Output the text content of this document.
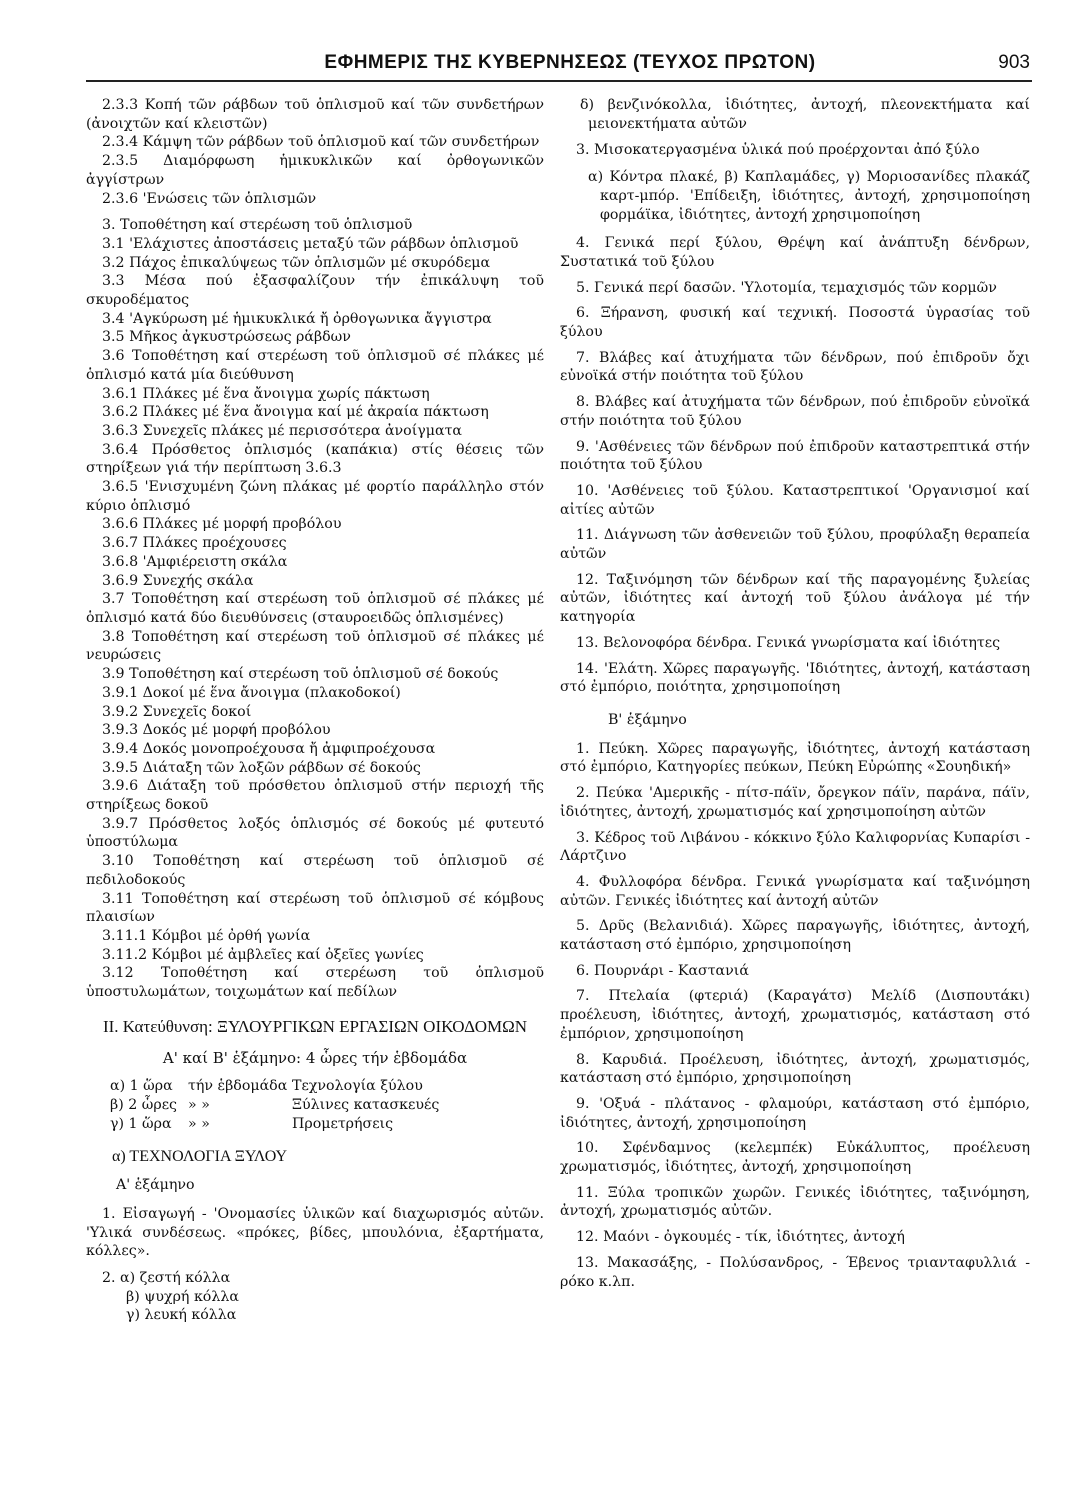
ΕΦΗΜΕΡΙΣ ΤΗΣ ΚΥΒΕΡΝΗΣΕΩΣ (ΤΕΥΧΟΣ ΠΡΩΤΟΝ)	903

2.3.3 Κοπή τῶν ράβδων τοῦ ὁπλισμοῦ καί τῶν συνδετήρων (ἀνοιχτῶν καί κλειστῶν)

2.3.4 Κάμψη τῶν ράβδων τοῦ ὁπλισμοῦ καί τῶν συνδετήρων

2.3.5 Διαμόρφωση ἡμικυκλικῶν καί ὀρθογωνικῶν ἀγγίστρων

2.3.6 'Ενώσεις τῶν ὁπλισμῶν

3. Τοποθέτηση καί στερέωση τοῦ ὁπλισμοῦ

3.1 'Ελάχιστες ἀποστάσεις μεταξύ τῶν ράβδων ὁπλισμοῦ

3.2 Πάχος ἐπικαλύψεως τῶν ὁπλισμῶν μέ σκυρόδεμα

3.3 Μέσα πού ἐξασφαλίζουν τήν ἐπικάλυψη τοῦ σκυροδέματος

3.4 'Αγκύρωση μέ ἡμικυκλικά ἤ ὀρθογωνικα ἄγγιστρα

3.5 Μῆκος ἀγκυστρώσεως ράβδων

3.6 Τοποθέτηση καί στερέωση τοῦ ὁπλισμοῦ σέ πλάκες μέ ὁπλισμό κατά μία διεύθυνση

3.6.1 Πλάκες μέ ἕνα ἄνοιγμα χωρίς πάκτωση

3.6.2 Πλάκες μέ ἕνα ἄνοιγμα καί μέ ἀκραία πάκτωση

3.6.3 Συνεχεῖς πλάκες μέ περισσότερα ἀνοίγματα

3.6.4 Πρόσθετος ὁπλισμός (καπάκια) στίς θέσεις τῶν στηρίξεων γιά τήν περίπτωση 3.6.3

3.6.5 'Ενισχυμένη ζώνη πλάκας μέ φορτίο παράλληλο στόν κύριο ὁπλισμό

3.6.6 Πλάκες μέ μορφή προβόλου

3.6.7 Πλάκες προέχουσες

3.6.8 'Αμφιέρειστη σκάλα

3.6.9 Συνεχής σκάλα

3.7 Τοποθέτηση καί στερέωση τοῦ ὁπλισμοῦ σέ πλάκες μέ ὁπλισμό κατά δύο διευθύνσεις (σταυροειδῶς ὁπλισμένες)

3.8 Τοποθέτηση καί στερέωση τοῦ ὁπλισμοῦ σέ πλάκες μέ νευρώσεις

3.9 Τοποθέτηση καί στερέωση τοῦ ὁπλισμοῦ σέ δοκούς

3.9.1 Δοκοί μέ ἕνα ἄνοιγμα (πλακοδοκοί)

3.9.2 Συνεχεῖς δοκοί

3.9.3 Δοκός μέ μορφή προβόλου

3.9.4 Δοκός μονοπροέχουσα ἤ ἀμφιπροέχουσα

3.9.5 Διάταξη τῶν λοξῶν ράβδων σέ δοκούς

3.9.6 Διάταξη τοῦ πρόσθετου ὁπλισμοῦ στήν περιοχή τῆς στηρίξεως δοκοῦ

3.9.7 Πρόσθετος λοξός ὁπλισμός σέ δοκούς μέ φυτευτό ὑποστύλωμα

3.10 Τοποθέτηση καί στερέωση τοῦ ὁπλισμοῦ σέ πεδιλοδοκούς

3.11 Τοποθέτηση καί στερέωση τοῦ ὁπλισμοῦ σέ κόμβους πλαισίων

3.11.1 Κόμβοι μέ ὀρθή γωνία

3.11.2 Κόμβοι μέ ἀμβλεῖες καί ὀξεῖες γωνίες

3.12 Τοποθέτηση καί στερέωση τοῦ ὁπλισμοῦ ὑποστυλωμάτων, τοιχωμάτων καί πεδίλων

ΙΙ. Κατεύθυνση: ΞΥΛΟΥΡΓΙΚΩΝ ΕΡΓΑΣΙΩΝ ΟΙΚΟΔΟΜΩΝ
Α' καί Β' ἑξάμηνο: 4 ὧρες τήν ἑβδομάδα
α) 1 ὥρα	τήν ἑβδομάδα Τεχνολογία ξύλου
β) 2 ὧρες » »	Ξύλινες κατασκευές
γ) 1 ὥρα	» »	Προμετρήσεις
α) ΤΕΧΝΟΛΟΓΙΑ ΞΥΛΟΥ
Α' ἑξάμηνο

1. Εἰσαγωγή - 'Ονομασίες ὑλικῶν καί διαχωρισμός αὐτῶν. 'Υλικά συνδέσεως. «πρόκες, βίδες, μπουλόνια, ἐξαρτήματα, κόλλες».

2. α) ζεστή κόλλα
β) ψυχρή κόλλα
γ) λευκή κόλλα

δ) βενζινόκολλα, ἰδιότητες, ἀντοχή, πλεονεκτήματα καί μειονεκτήματα αὐτῶν

3. Μισοκατεργασμένα ὑλικά πού προέρχονται ἀπό ξύλο

α) Κόντρα πλακέ, β) Καπλαμάδες, γ) Μοριοσανίδες πλακάζ καρτ-μπόρ. 'Επίδειξη, ἰδιότητες, ἀντοχή, χρησιμοποίηση φορμάϊκα, ἰδιότητες, ἀντοχή χρησιμοποίηση

4. Γενικά περί ξύλου, Θρέψη καί ἀνάπτυξη δένδρων, Συστατικά τοῦ ξύλου

5. Γενικά περί δασῶν. 'Υλοτομία, τεμαχισμός τῶν κορμῶν

6. Ξήρανση, φυσική καί τεχνική. Ποσοστά ὑγρασίας τοῦ ξύλου

7. Βλάβες καί ἀτυχήματα τῶν δένδρων, πού ἐπιδροῦν ὄχι εὐνοϊκά στήν ποιότητα τοῦ ξύλου

8. Βλάβες καί ἀτυχήματα τῶν δένδρων, πού ἐπιδροῦν εὐνοϊκά στήν ποιότητα τοῦ ξύλου

9. 'Ασθένειες τῶν δένδρων πού ἐπιδροῦν καταστρεπτικά στήν ποιότητα τοῦ ξύλου

10. 'Ασθένειες τοῦ ξύλου. Καταστρεπτικοί 'Οργανισμοί καί αἰτίες αὐτῶν

11. Διάγνωση τῶν ἀσθενειῶν τοῦ ξύλου, προφύλαξη θεραπεία αὐτῶν

12. Ταξινόμηση τῶν δένδρων καί τῆς παραγομένης ξυλείας αὐτῶν, ἰδιότητες καί ἀντοχή τοῦ ξύλου ἀνάλογα μέ τήν κατηγορία

13. Βελονοφόρα δένδρα. Γενικά γνωρίσματα καί ἰδιότητες

14. 'Ελάτη. Χῶρες παραγωγῆς. 'Ιδιότητες, ἀντοχή, κατάσταση στό ἐμπόριο, ποιότητα, χρησιμοποίηση

Β' ἑξάμηνο

1. Πεύκη. Χῶρες παραγωγῆς, ἰδιότητες, ἀντοχή κατάσταση στό ἐμπόριο, Κατηγορίες πεύκων, Πεύκη Εὐρώπης «Σουηδική»

2. Πεύκα 'Αμερικῆς - πίτσ-πάϊν, ὄρεγκον πάϊν, παράνα, πάϊν, ἰδιότητες, ἀντοχή, χρωματισμός καί χρησιμοποίηση αὐτῶν

3. Κέδρος τοῦ Λιβάνου - κόκκινο ξύλο Καλιφορνίας Κυπαρίσι - Λάρτζινο

4. Φυλλοφόρα δένδρα. Γενικά γνωρίσματα καί ταξινόμηση αὐτῶν. Γενικές ἰδιότητες καί ἀντοχή αὐτῶν

5. Δρῦς (Βελανιδιά). Χῶρες παραγωγῆς, ἰδιότητες, ἀντοχή, κατάσταση στό ἐμπόριο, χρησιμοποίηση

6. Πουρνάρι - Καστανιά

7. Πτελαία (φτεριά) (Καραγάτσ) Μελίδ (Δισπουτάκι) προέλευση, ἰδιότητες, ἀντοχή, χρωματισμός, κατάσταση στό ἐμπόριον, χρησιμοποίηση

8. Καρυδιά. Προέλευση, ἰδιότητες, ἀντοχή, χρωματισμός, κατάσταση στό ἐμπόριο, χρησιμοποίηση

9. 'Οξυά - πλάτανος - φλαμούρι, κατάσταση στό ἐμπόριο, ἰδιότητες, ἀντοχή, χρησιμοποίηση

10. Σφένδαμνος (κελεμπέκ) Εὐκάλυπτος, προέλευση χρωματισμός, ἰδιότητες, ἀντοχή, χρησιμοποίηση

11. Ξύλα τροπικῶν χωρῶν. Γενικές ἰδιότητες, ταξινόμηση, ἀντοχή, χρωματισμός αὐτῶν.

12. Μαόνι - ὀγκουμές - τίκ, ἰδιότητες, ἀντοχή

13. Μακασάξης, - Πολύσανδρος, - Έβενος τριανταφυλλιά - ρόκο κ.λπ.
